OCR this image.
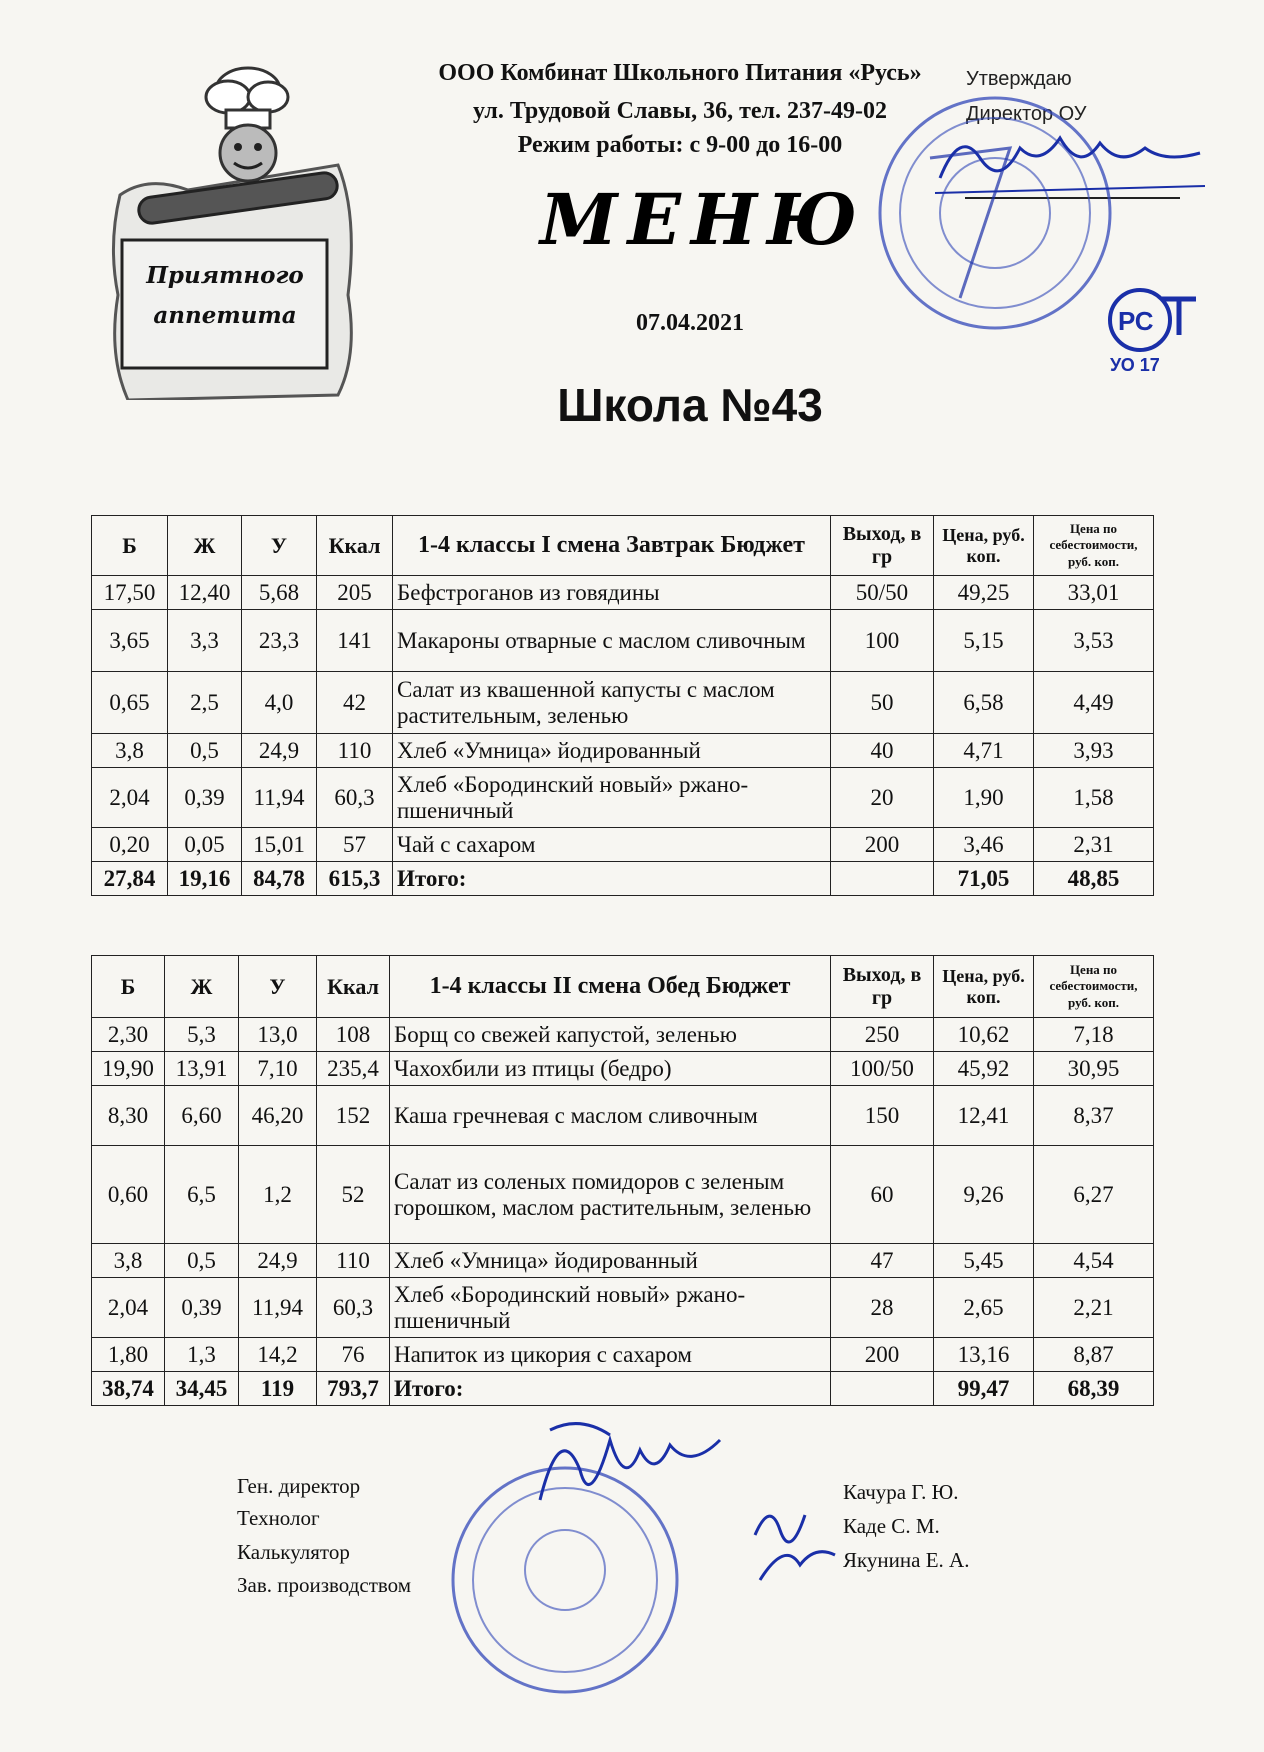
Приятного
аппетита
ООО Комбинат Школьного Питания «Русь»
ул. Трудовой Славы, 36, тел. 237-49-02
Режим работы: с 9-00 до 16-00
Утверждаю
Директор ОУ
РС
УО 17
МЕНЮ
07.04.2021
Школа №43
Б	Ж	У	Ккал	1-4 классы I смена Завтрак Бюджет	Выход, в гр	Цена, руб. коп.	Цена по себестоимости, руб. коп.
17,50	12,40	5,68	205	Бефстроганов из говядины	50/50	49,25	33,01
3,65	3,3	23,3	141	Макароны отварные с маслом сливочным	100	5,15	3,53
0,65	2,5	4,0	42	Салат из квашенной капусты с маслом растительным, зеленью	50	6,58	4,49
3,8	0,5	24,9	110	Хлеб «Умница» йодированный	40	4,71	3,93
2,04	0,39	11,94	60,3	Хлеб «Бородинский новый» ржано-пшеничный	20	1,90	1,58
0,20	0,05	15,01	57	Чай с сахаром	200	3,46	2,31
27,84	19,16	84,78	615,3	Итого:		71,05	48,85
Б	Ж	У	Ккал	1-4 классы II смена Обед Бюджет	Выход, в гр	Цена, руб. коп.	Цена по себестоимости, руб. коп.
2,30	5,3	13,0	108	Борщ со свежей капустой, зеленью	250	10,62	7,18
19,90	13,91	7,10	235,4	Чахохбили из птицы (бедро)	100/50	45,92	30,95
8,30	6,60	46,20	152	Каша гречневая с маслом сливочным	150	12,41	8,37
0,60	6,5	1,2	52	Салат из соленых помидоров с зеленым горошком, маслом растительным, зеленью	60	9,26	6,27
3,8	0,5	24,9	110	Хлеб «Умница» йодированный	47	5,45	4,54
2,04	0,39	11,94	60,3	Хлеб «Бородинский новый» ржано-пшеничный	28	2,65	2,21
1,80	1,3	14,2	76	Напиток из цикория с сахаром	200	13,16	8,87
38,74	34,45	119	793,7	Итого:		99,47	68,39
Ген. директор
Технолог
Калькулятор
Зав. производством
Качура Г. Ю.
Каде С. М.
Якунина Е. А.
